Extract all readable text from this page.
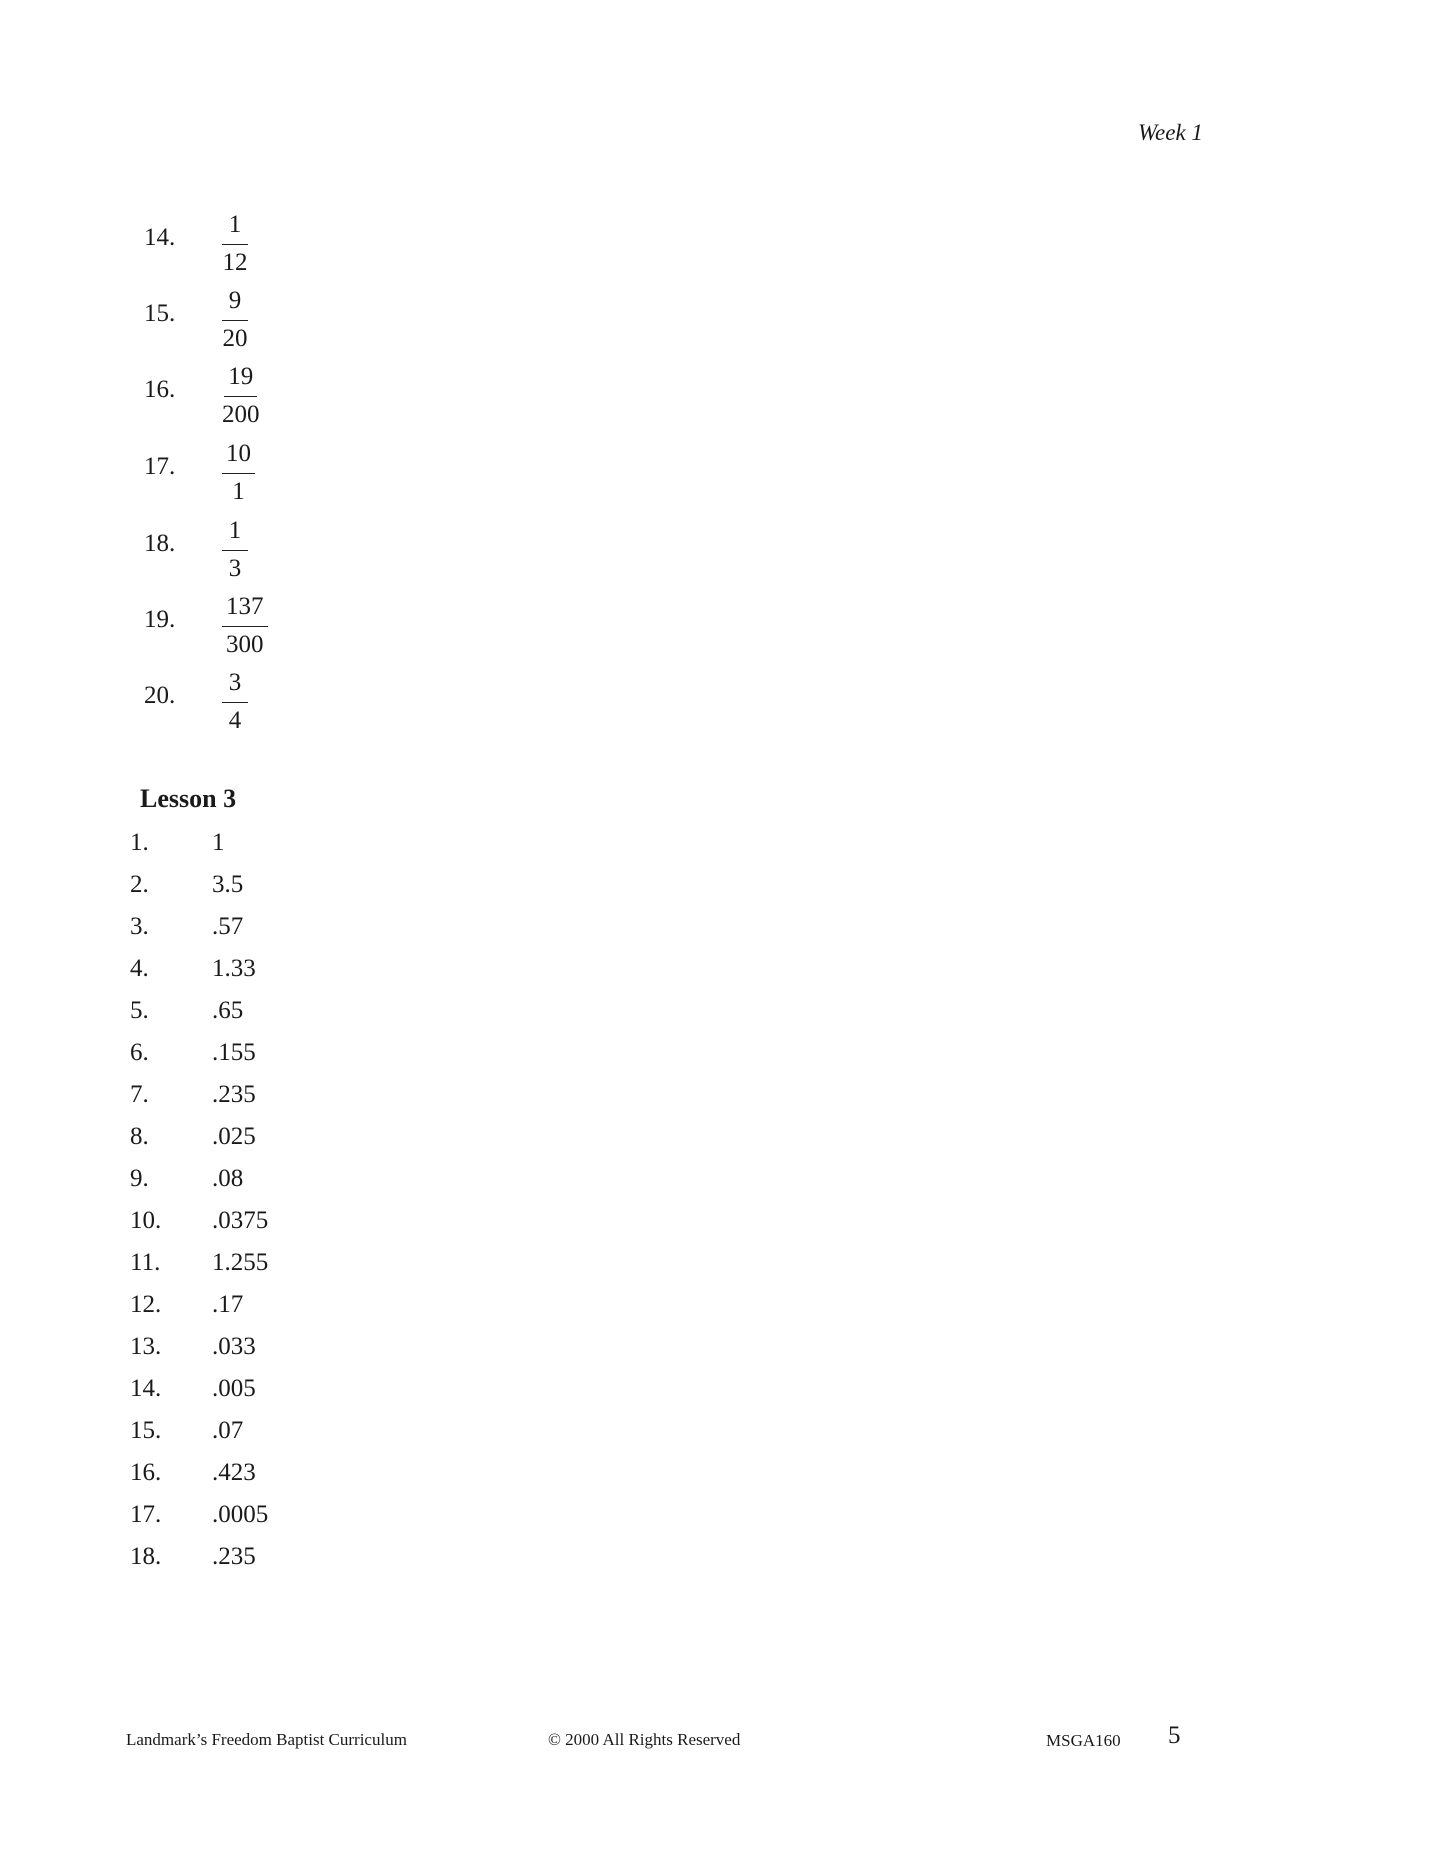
Week 1
14.	$\frac{1}{12}$
15.	$\frac{9}{20}$
16.	$\frac{19}{200}$
17.	$\frac{10}{1}$
18.	$\frac{1}{3}$
19.	$\frac{137}{300}$
20.	$\frac{3}{4}$
Lesson 3
1.	1
2.	3.5
3.	.57
4.	1.33
5.	.65
6.	.155
7.	.235
8.	.025
9.	.08
10.	.0375
11.	1.255
12.	.17
13.	.033
14.	.005
15.	.07
16.	.423
17.	.0005
18.	.235
Landmark’s Freedom Baptist Curriculum	© 2000 All Rights Reserved	MSGA160 5
